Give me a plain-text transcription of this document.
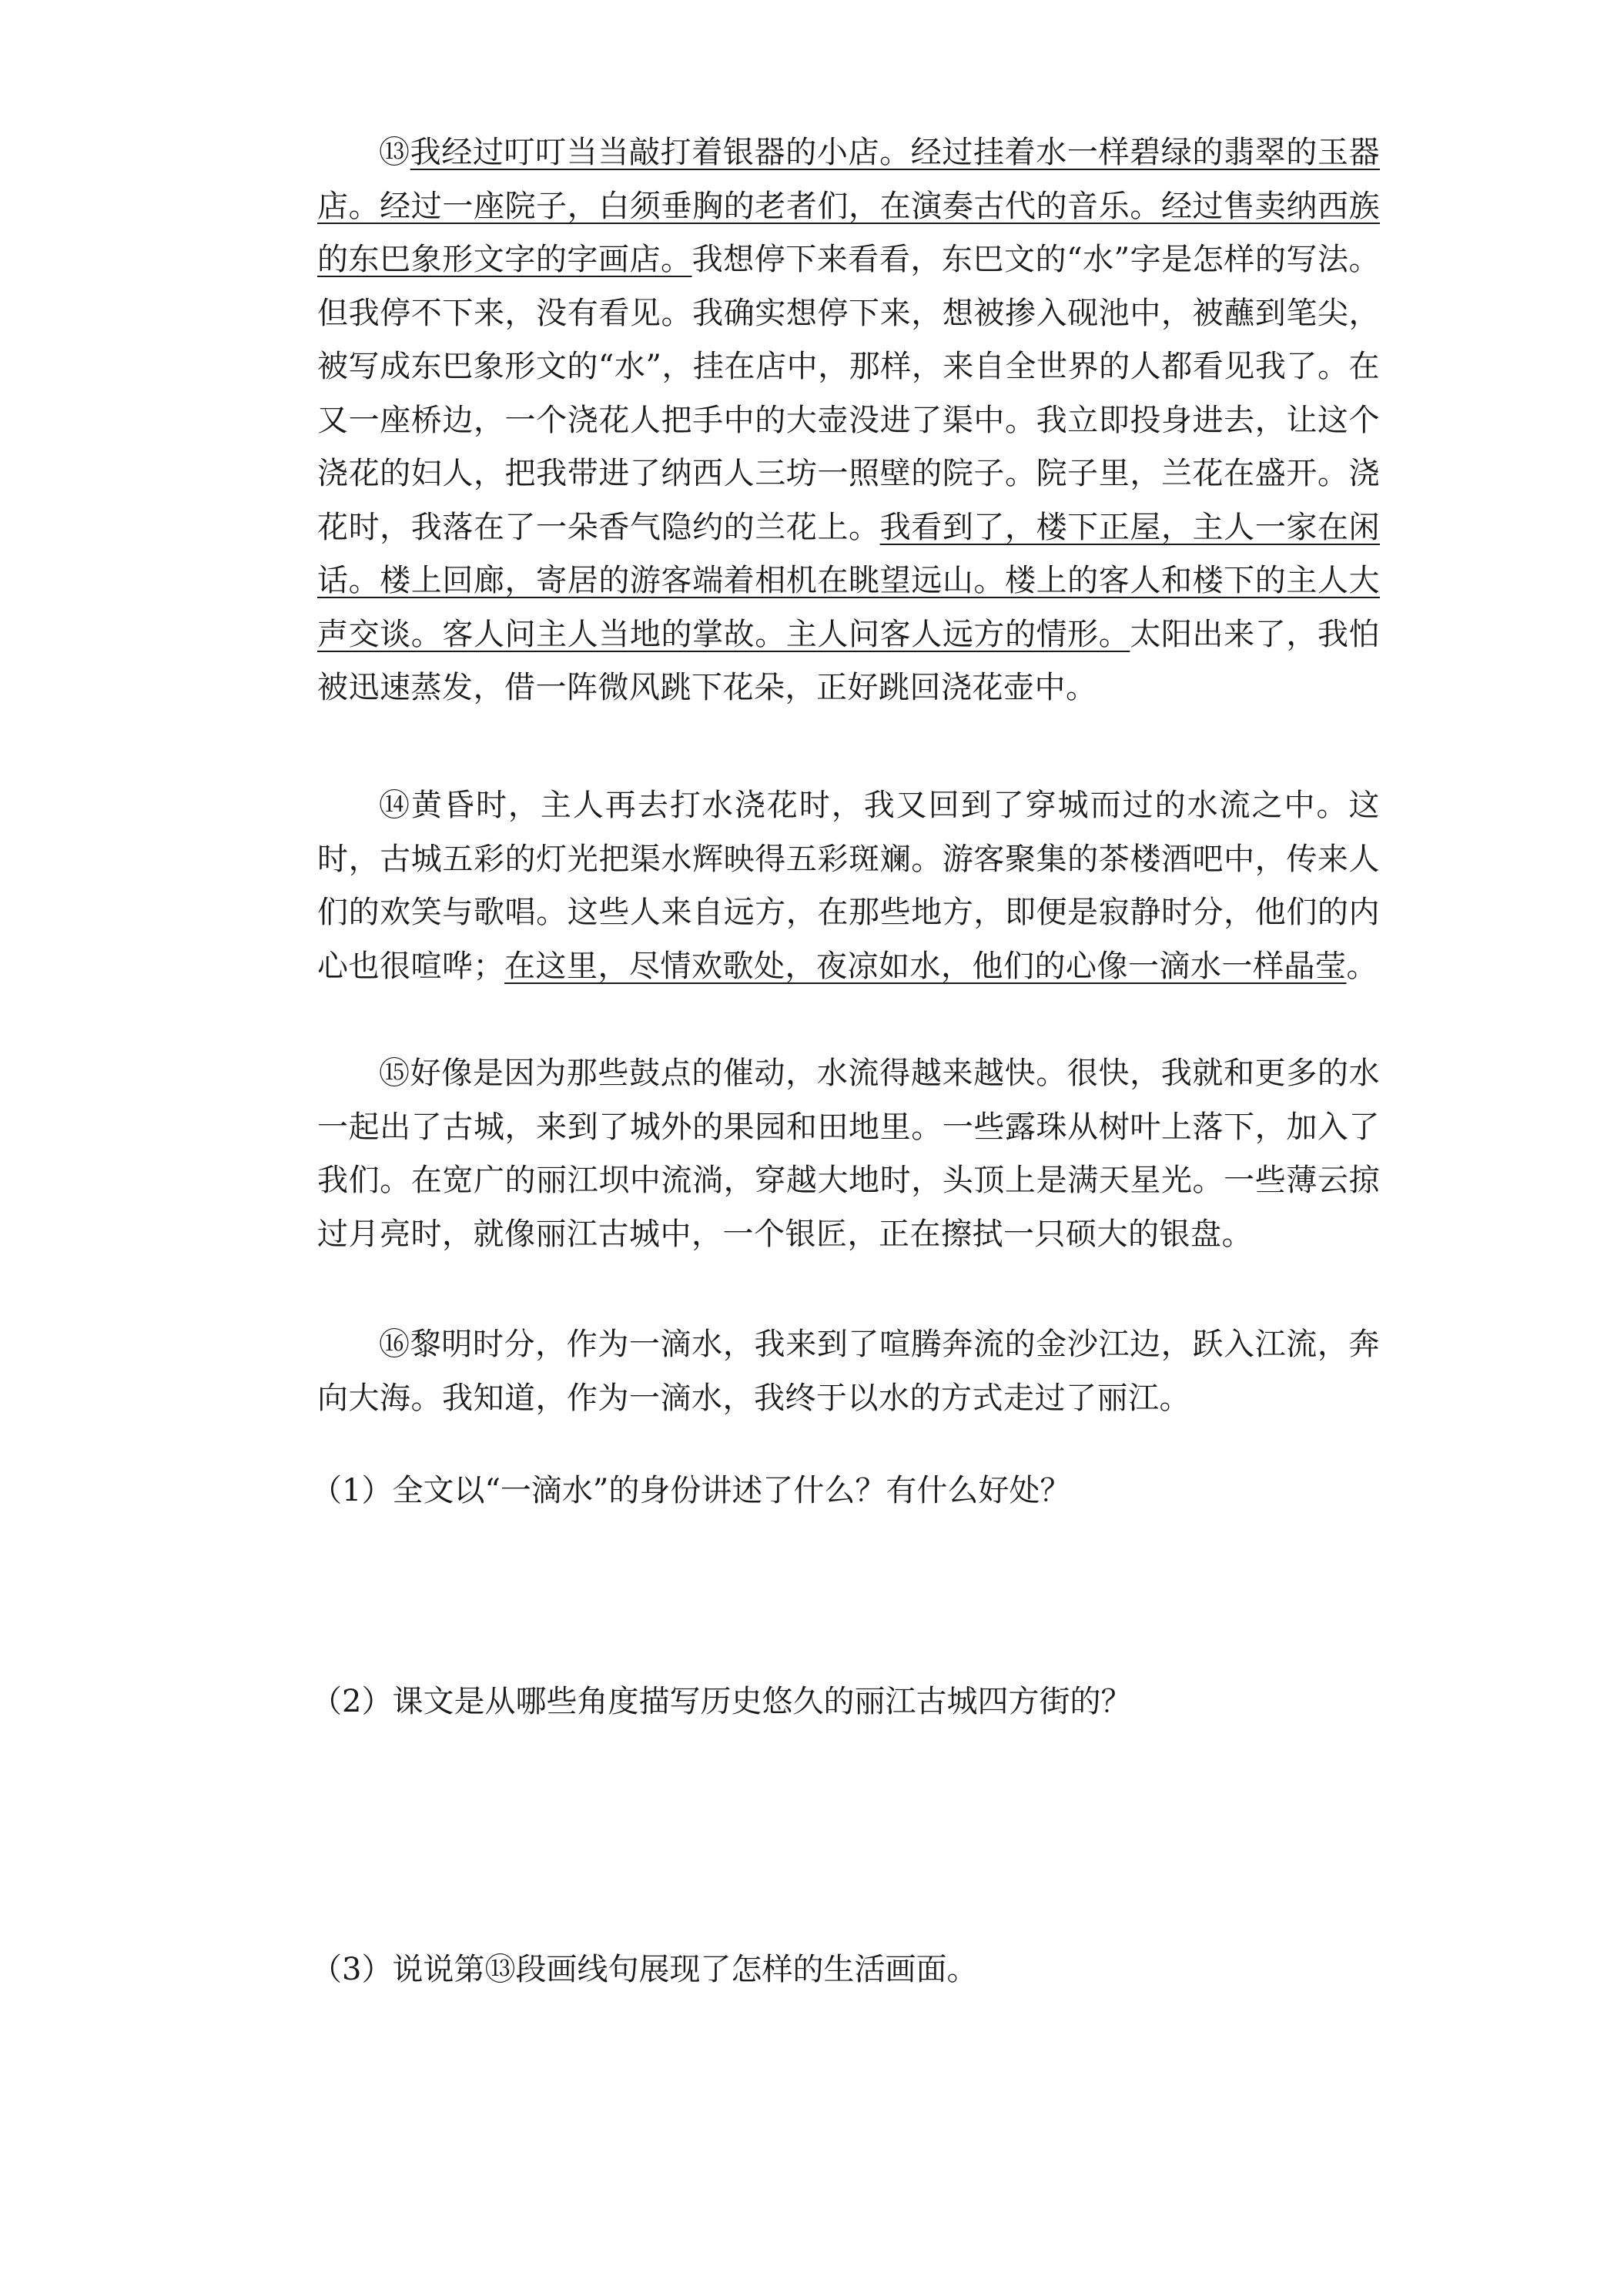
⑬我经过叮叮当当敲打着银器的小店。经过挂着水一样碧绿的翡翠的玉器店。经过一座院子，白须垂胸的老者们，在演奏古代的音乐。经过售卖纳西族的东巴象形文字的字画店。我想停下来看看，东巴文的“水”字是怎样的写法。但我停不下来，没有看见。我确实想停下来，想被掺入砚池中，被蘸到笔尖，被写成东巴象形文的“水”，挂在店中，那样，来自全世界的人都看见我了。在又一座桥边，一个浇花人把手中的大壶没进了渠中。我立即投身进去，让这个浇花的妇人，把我带进了纳西人三坊一照壁的院子。院子里，兰花在盛开。浇花时，我落在了一朵香气隐约的兰花上。我看到了，楼下正屋，主人一家在闲话。楼上回廊，寄居的游客端着相机在眺望远山。楼上的客人和楼下的主人大声交谈。客人问主人当地的掌故。主人问客人远方的情形。太阳出来了，我怕被迅速蒸发，借一阵微风跳下花朵，正好跳回浇花壶中。

⑭黄昏时，主人再去打水浇花时，我又回到了穿城而过的水流之中。这时，古城五彩的灯光把渠水辉映得五彩斑斓。游客聚集的茶楼酒吧中，传来人们的欢笑与歌唱。这些人来自远方，在那些地方，即便是寂静时分，他们的内心也很喧哗；在这里，尽情欢歌处，夜凉如水，他们的心像一滴水一样晶莹。

⑮好像是因为那些鼓点的催动，水流得越来越快。很快，我就和更多的水一起出了古城，来到了城外的果园和田地里。一些露珠从树叶上落下，加入了我们。在宽广的丽江坝中流淌，穿越大地时，头顶上是满天星光。一些薄云掠过月亮时，就像丽江古城中，一个银匠，正在擦拭一只硕大的银盘。

⑯黎明时分，作为一滴水，我来到了喧腾奔流的金沙江边，跃入江流，奔向大海。我知道，作为一滴水，我终于以水的方式走过了丽江。

（1）全文以“一滴水”的身份讲述了什么？有什么好处？

（2）课文是从哪些角度描写历史悠久的丽江古城四方街的？

（3）说说第⑬段画线句展现了怎样的生活画面。
